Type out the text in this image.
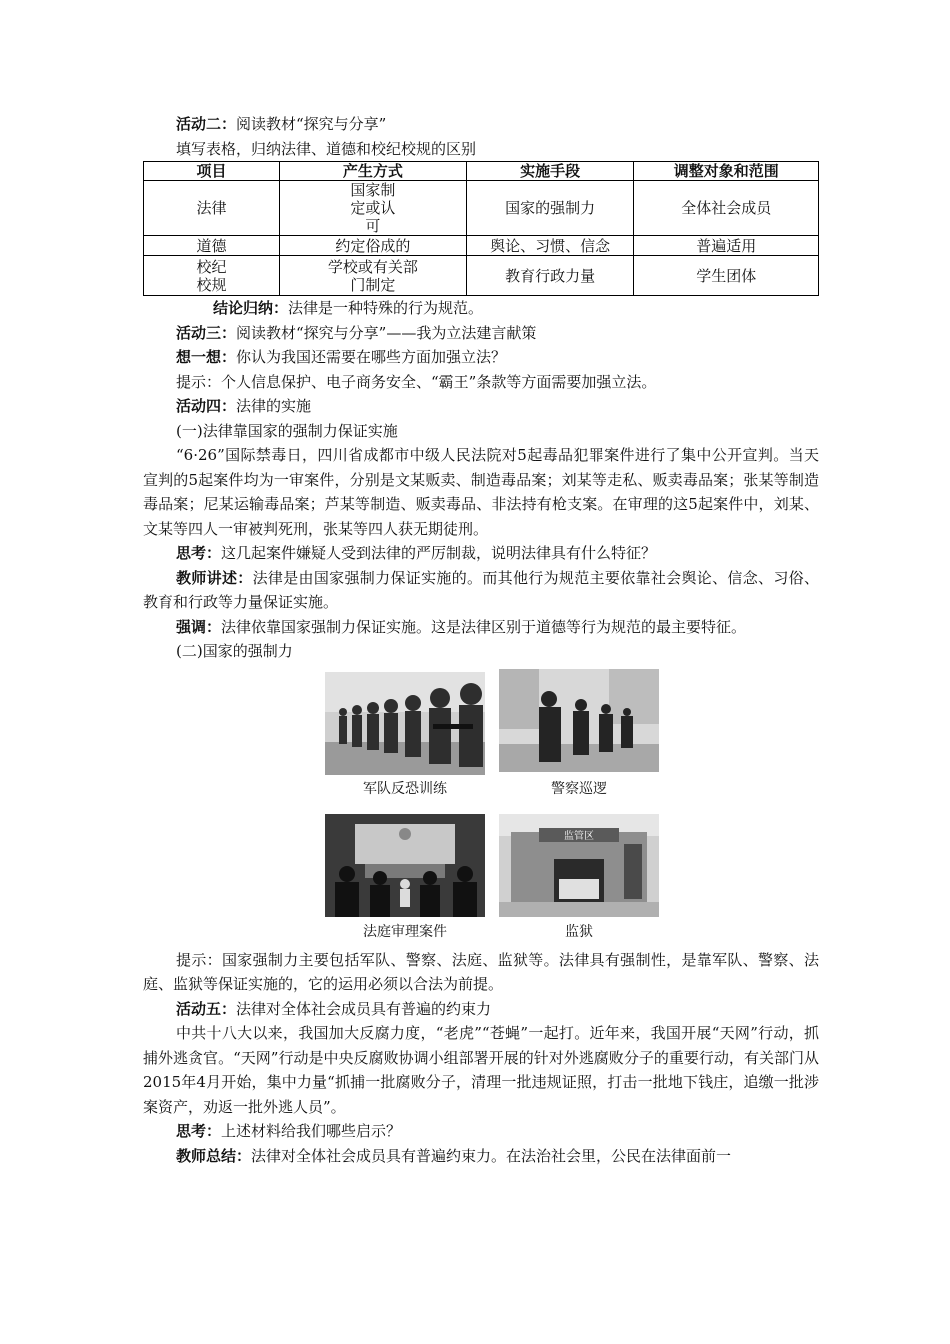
活动二：阅读教材“探究与分享”

填写表格，归纳法律、道德和校纪校规的区别

项目	产生方式	实施手段	调整对象和范围
法律	国家制定或认可	国家的强制力	全体社会成员
道德	约定俗成的	舆论、习惯、信念	普遍适用
校纪校规	学校或有关部门制定	教育行政力量	学生团体

结论归纳：法律是一种特殊的行为规范。

活动三：阅读教材“探究与分享”——我为立法建言献策

想一想：你认为我国还需要在哪些方面加强立法？

提示：个人信息保护、电子商务安全、“霸王”条款等方面需要加强立法。

活动四：法律的实施

(一)法律靠国家的强制力保证实施

“6·26”国际禁毒日，四川省成都市中级人民法院对5起毒品犯罪案件进行了集中公开宣判。当天宣判的5起案件均为一审案件，分别是文某贩卖、制造毒品案；刘某等走私、贩卖毒品案；张某等制造毒品案；尼某运输毒品案；芦某等制造、贩卖毒品、非法持有枪支案。在审理的这5起案件中，刘某、文某等四人一审被判死刑，张某等四人获无期徒刑。

思考：这几起案件嫌疑人受到法律的严厉制裁，说明法律具有什么特征？

教师讲述：法律是由国家强制力保证实施的。而其他行为规范主要依靠社会舆论、信念、习俗、教育和行政等力量保证实施。

强调：法律依靠国家强制力保证实施。这是法律区别于道德等行为规范的最主要特征。

(二)国家的强制力

军队反恐训练	警察巡逻
法庭审理案件
监管区
监狱

提示：国家强制力主要包括军队、警察、法庭、监狱等。法律具有强制性，是靠军队、警察、法庭、监狱等保证实施的，它的运用必须以合法为前提。

活动五：法律对全体社会成员具有普遍的约束力

中共十八大以来，我国加大反腐力度，“老虎”“苍蝇”一起打。近年来，我国开展“天网”行动，抓捕外逃贪官。“天网”行动是中央反腐败协调小组部署开展的针对外逃腐败分子的重要行动，有关部门从2015年4月开始，集中力量“抓捕一批腐败分子，清理一批违规证照，打击一批地下钱庄，追缴一批涉案资产，劝返一批外逃人员”。

思考：上述材料给我们哪些启示？

教师总结：法律对全体社会成员具有普遍约束力。在法治社会里，公民在法律面前一
